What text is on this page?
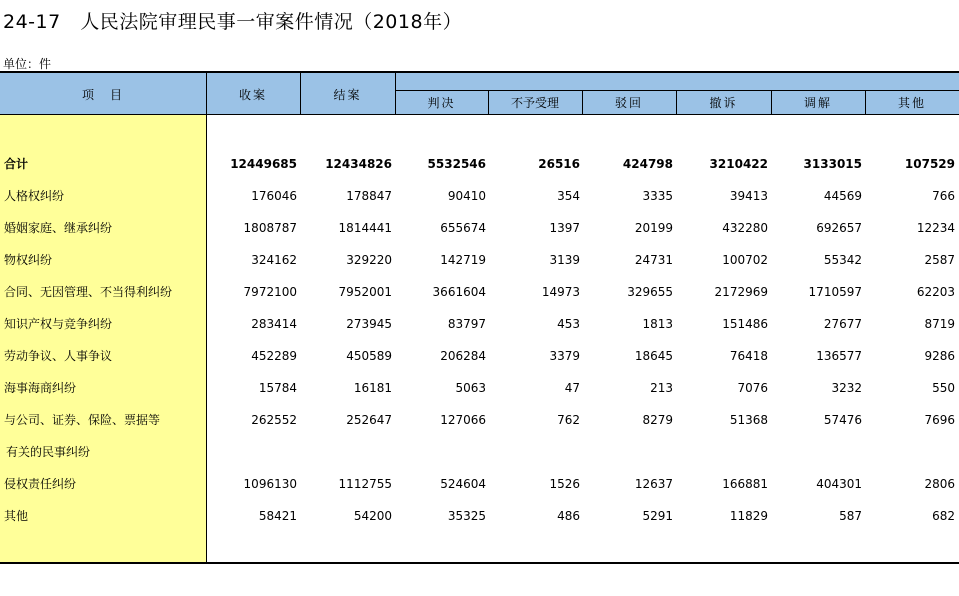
24-17　人民法院审理民事一审案件情况（2018年）
单位：件
项　目	收案	结案
判决	不予受理	驳回	撤诉	调解	其他
合计	12449685 12434826	5532546	26516	424798	3210422	3133015	107529
人格权纠纷	176046	178847	90410	354	3335	39413	44569	766
婚姻家庭、继承纠纷	1808787	1814441	655674	1397	20199	432280	692657	12234
物权纠纷	324162	329220	142719	3139	24731	100702	55342	2587
合同、无因管理、不当得利纠纷	7972100	7952001	3661604	14973	329655	2172969	1710597	62203
知识产权与竞争纠纷	283414	273945	83797	453	1813	151486	27677	8719
劳动争议、人事争议	452289	450589	206284	3379	18645	76418	136577	9286
海事海商纠纷	15784	16181	5063	47	213	7076	3232	550
与公司、证券、保险、票据等	262552	252647	127066	762	8279	51368	57476	7696
有关的民事纠纷
侵权责任纠纷	1096130	1112755	524604	1526	12637	166881	404301	2806
其他	58421	54200	35325	486	5291	11829	587	682
